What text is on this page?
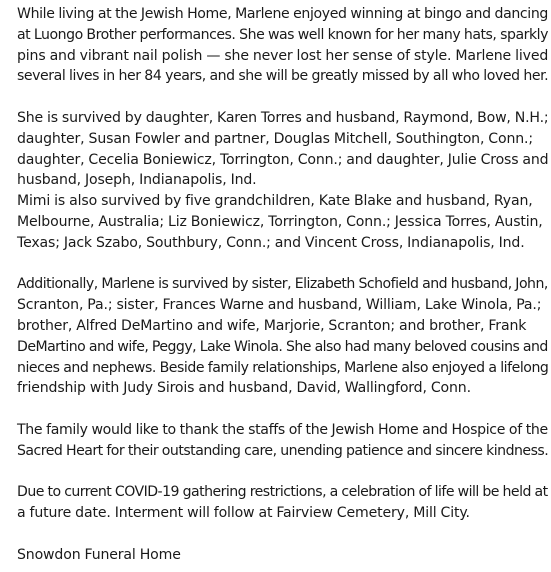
While living at the Jewish Home, Marlene enjoyed winning at bingo and dancing
at Luongo Brother performances. She was well known for her many hats, sparkly
pins and vibrant nail polish — she never lost her sense of style. Marlene lived
several lives in her 84 years, and she will be greatly missed by all who loved her.

She is survived by daughter, Karen Torres and husband, Raymond, Bow, N.H.;
daughter, Susan Fowler and partner, Douglas Mitchell, Southington, Conn.;
daughter, Cecelia Boniewicz, Torrington, Conn.; and daughter, Julie Cross and
husband, Joseph, Indianapolis, Ind.

Mimi is also survived by five grandchildren, Kate Blake and husband, Ryan,
Melbourne, Australia; Liz Boniewicz, Torrington, Conn.; Jessica Torres, Austin,
Texas; Jack Szabo, Southbury, Conn.; and Vincent Cross, Indianapolis, Ind.

Additionally, Marlene is survived by sister, Elizabeth Schofield and husband, John,
Scranton, Pa.; sister, Frances Warne and husband, William, Lake Winola, Pa.;
brother, Alfred DeMartino and wife, Marjorie, Scranton; and brother, Frank
DeMartino and wife, Peggy, Lake Winola. She also had many beloved cousins and
nieces and nephews. Beside family relationships, Marlene also enjoyed a lifelong
friendship with Judy Sirois and husband, David, Wallingford, Conn.

The family would like to thank the staffs of the Jewish Home and Hospice of the
Sacred Heart for their outstanding care, unending patience and sincere kindness.

Due to current COVID-19 gathering restrictions, a celebration of life will be held at
a future date. Interment will follow at Fairview Cemetery, Mill City.

Snowdon Funeral Home
